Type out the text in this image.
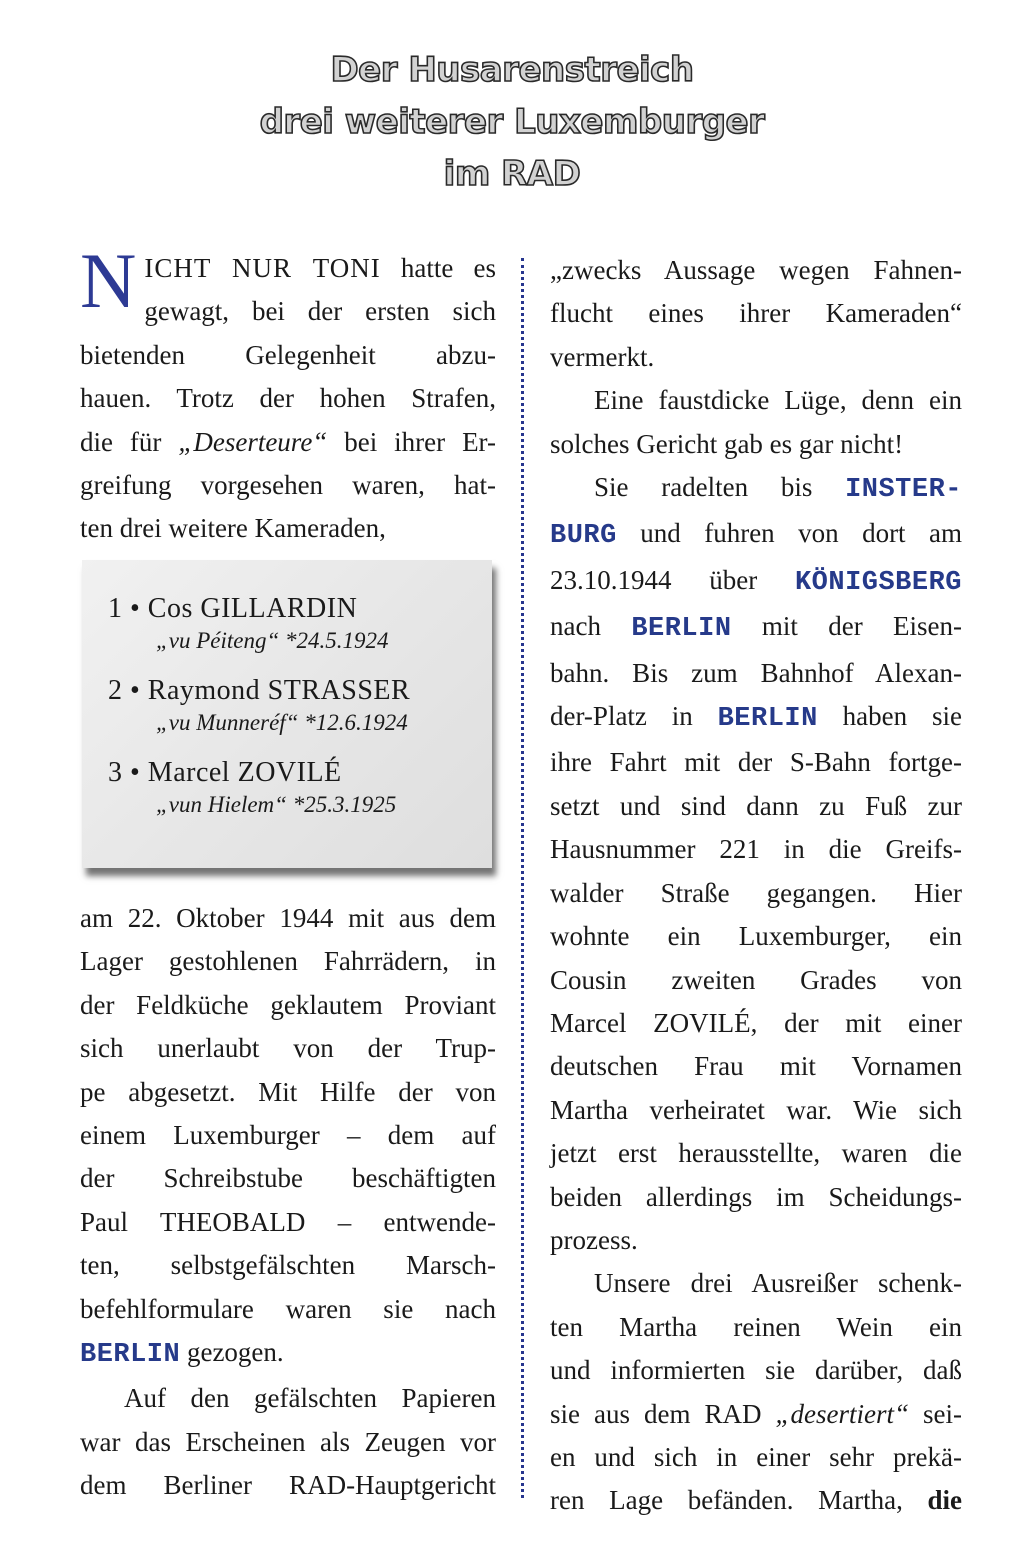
Der Husarenstreich
drei weiterer Luxemburger
im RAD
N ICHT NUR TONI hatte es

gewagt, bei der ersten sich

bietenden Gelegenheit abzu-

hauen. Trotz der hohen Strafen,

die für „Deserteure“ bei ihrer Er-

greifung vorgesehen waren, hat-

ten drei weitere Kameraden,

1 • Cos GILLARDIN
„vu Péiteng“ *24.5.1924
2 • Raymond STRASSER
„vu Munneréf“ *12.6.1924
3 • Marcel ZOVILÉ
„vun Hielem“ *25.3.1925

am 22. Oktober 1944 mit aus dem

Lager gestohlenen Fahrrädern, in

der Feldküche geklautem Proviant

sich unerlaubt von der Trup-

pe abgesetzt. Mit Hilfe der von

einem Luxemburger – dem auf

der Schreibstube beschäftigten

Paul THEOBALD – entwende-

ten, selbstgefälschten Marsch-

befehlformulare waren sie nach

BERLIN gezogen.

Auf den gefälschten Papieren

war das Erscheinen als Zeugen vor

dem Berliner RAD-Hauptgericht

„zwecks Aussage wegen Fahnen-

flucht eines ihrer Kameraden“

vermerkt.

Eine faustdicke Lüge, denn ein

solches Gericht gab es gar nicht!

Sie radelten bis INSTER-

BURG und fuhren von dort am

23.10.1944 über KÖNIGSBERG

nach BERLIN mit der Eisen-

bahn. Bis zum Bahnhof Alexan-

der-Platz in BERLIN haben sie

ihre Fahrt mit der S-Bahn fortge-

setzt und sind dann zu Fuß zur

Hausnummer 221 in die Greifs-

walder Straße gegangen. Hier

wohnte ein Luxemburger, ein

Cousin zweiten Grades von

Marcel ZOVILÉ, der mit einer

deutschen Frau mit Vornamen

Martha verheiratet war. Wie sich

jetzt erst herausstellte, waren die

beiden allerdings im Scheidungs-

prozess.

Unsere drei Ausreißer schenk-

ten Martha reinen Wein ein

und informierten sie darüber, daß

sie aus dem RAD „desertiert“ sei-

en und sich in einer sehr prekä-

ren Lage befänden. Martha, die
